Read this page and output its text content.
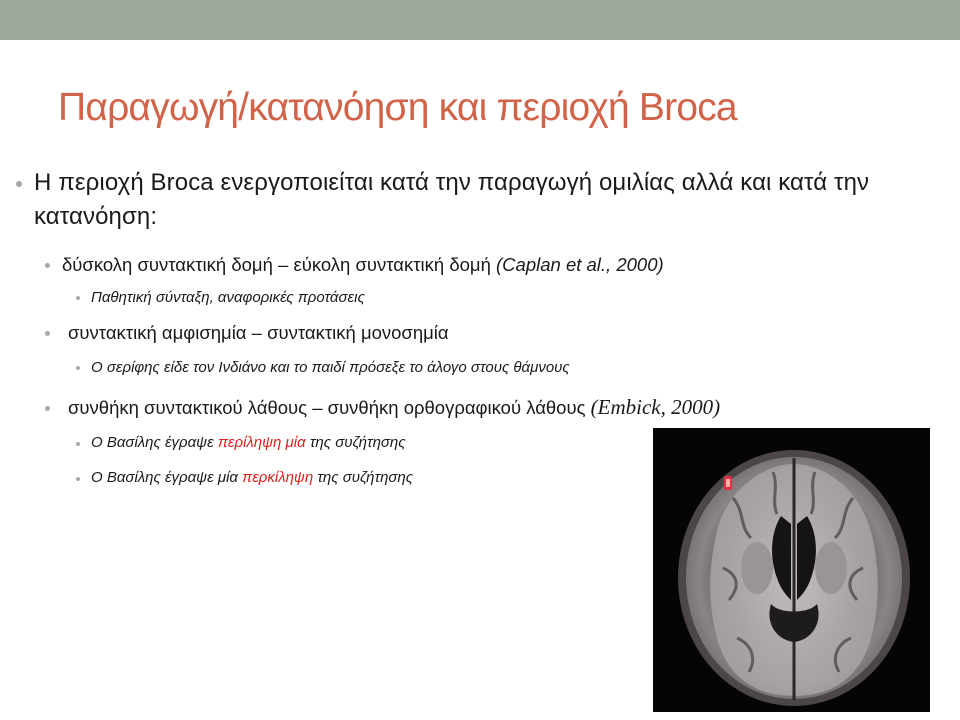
Παραγωγή/κατανόηση και περιοχή Broca

Η περιοχή Broca ενεργοποιείται κατά την παραγωγή ομιλίας αλλά και κατά την κατανόηση:

δύσκολη συντακτική δομή – εύκολη συντακτική δομή (Caplan et al., 2000)

Παθητική σύνταξη, αναφορικές προτάσεις

συντακτική αμφισημία – συντακτική μονοσημία

Ο σερίφης είδε τον Ινδιάνο και το παιδί πρόσεξε το άλογο στους θάμνους

συνθήκη συντακτικού λάθους – συνθήκη ορθογραφικού λάθους (Embick, 2000)

Ο Βασίλης έγραψε περίληψη μία της συζήτησης

Ο Βασίλης έγραψε μία περκίληψη της συζήτησης
